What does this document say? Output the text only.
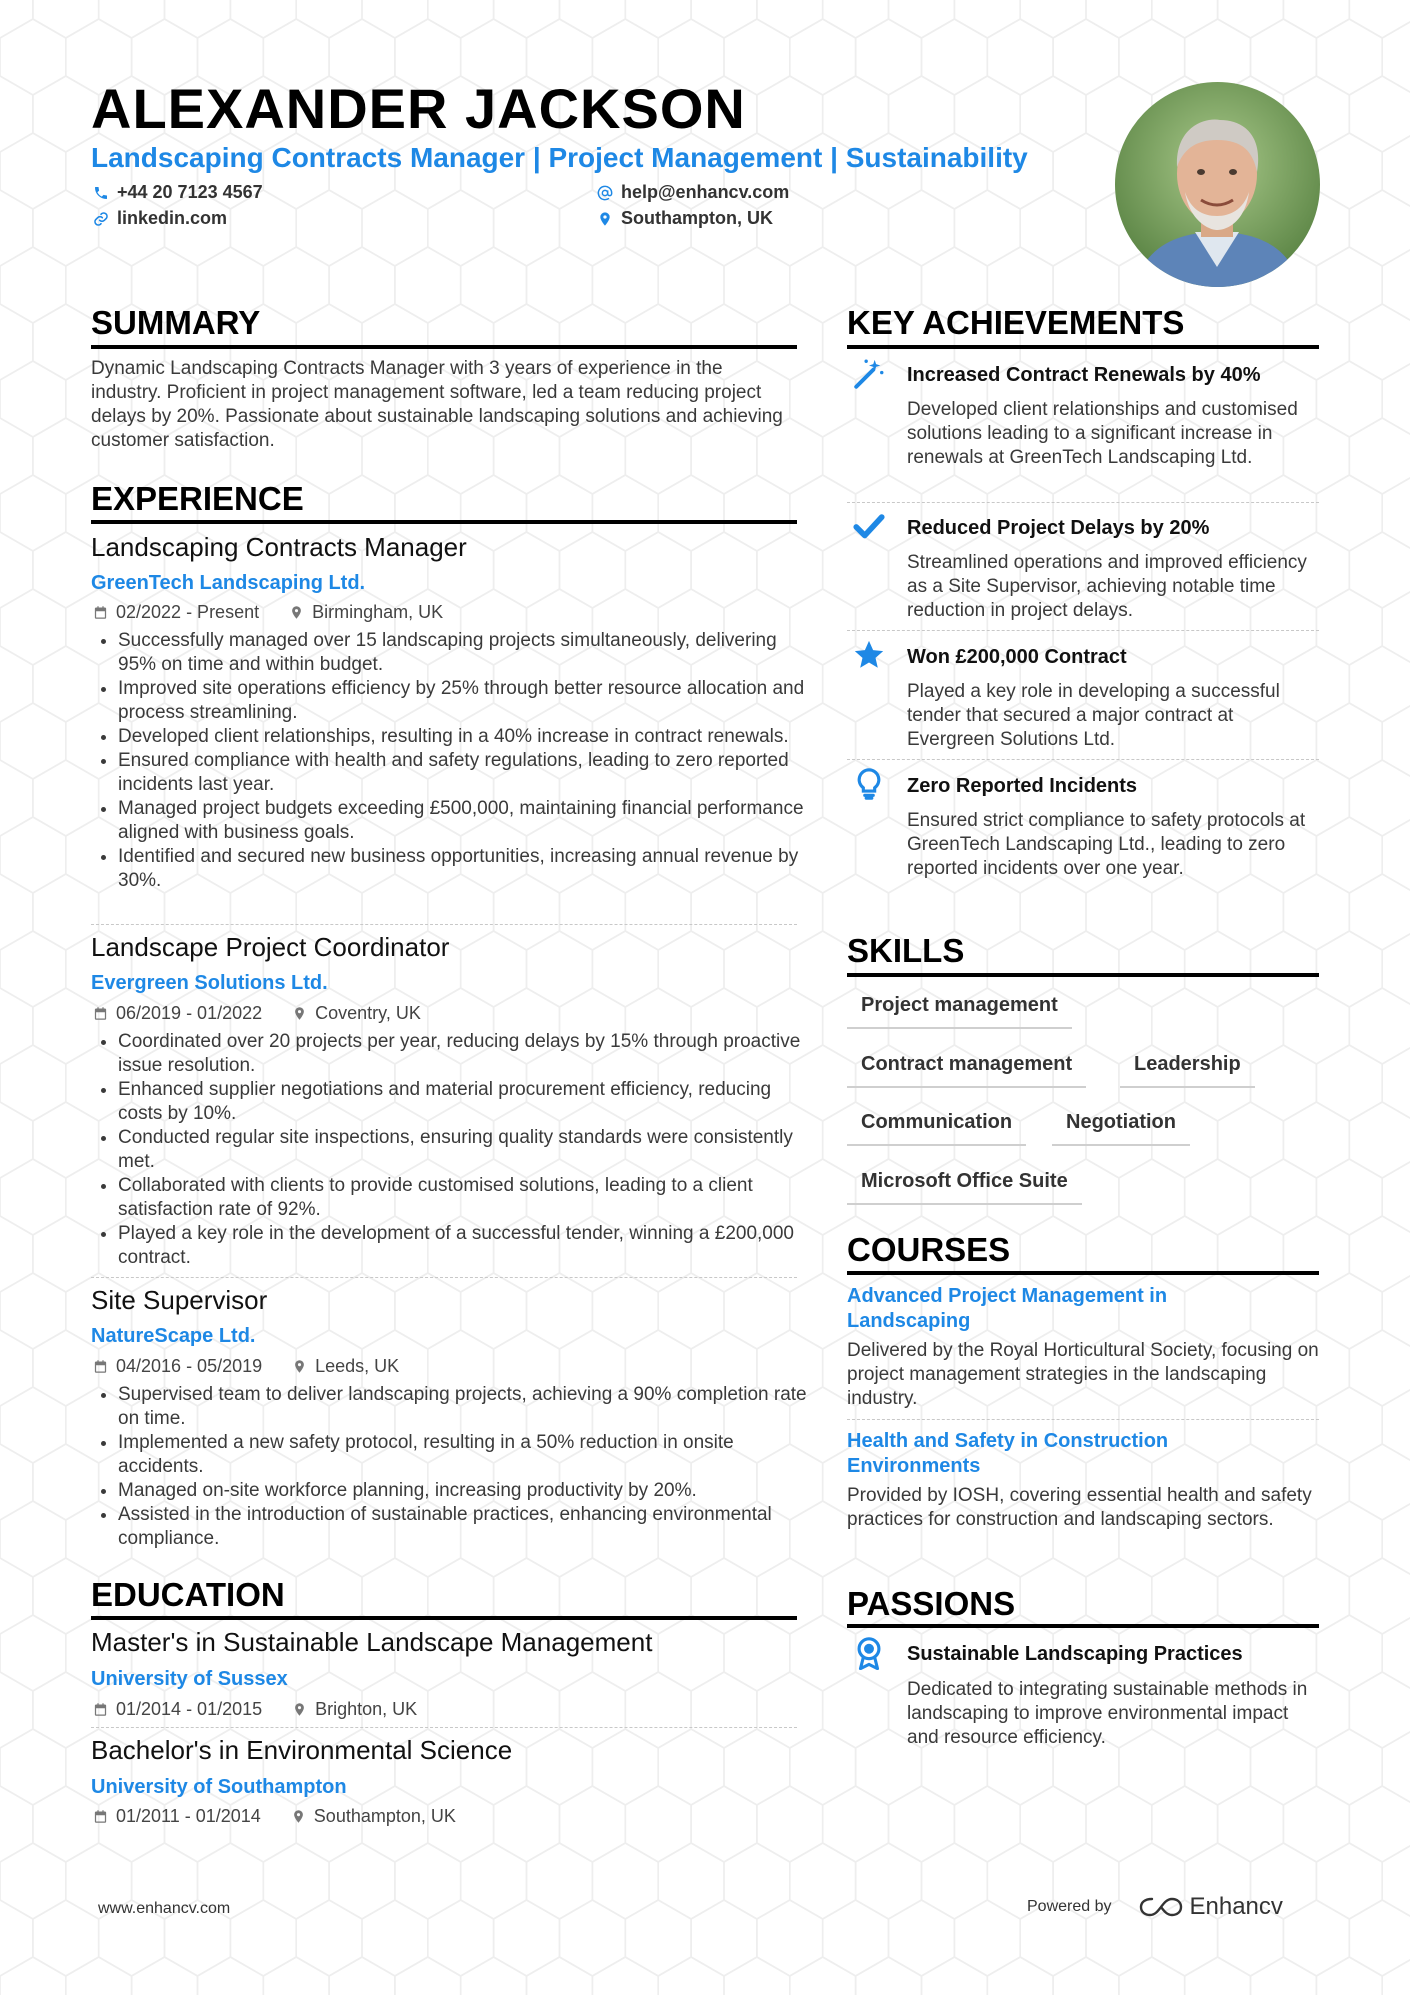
ALEXANDER JACKSON
Landscaping Contracts Manager | Project Management | Sustainability
+44 20 7123 4567	help@enhancv.com
linkedin.com	Southampton, UK
SUMMARY

Dynamic Landscaping Contracts Manager with 3 years of experience in the industry. Proficient in project management software, led a team reducing project delays by 20%. Passionate about sustainable landscaping solutions and achieving customer satisfaction.

EXPERIENCE
Landscaping Contracts Manager
GreenTech Landscaping Ltd.
02/2022 - Present	Birmingham, UK
• Successfully managed over 15 landscaping projects simultaneously, delivering 95% on time and within budget.
• Improved site operations efficiency by 25% through better resource allocation and process streamlining.
• Developed client relationships, resulting in a 40% increase in contract renewals.
• Ensured compliance with health and safety regulations, leading to zero reported incidents last year.
• Managed project budgets exceeding £500,000, maintaining financial performance aligned with business goals.
• Identified and secured new business opportunities, increasing annual revenue by 30%.
Landscape Project Coordinator
Evergreen Solutions Ltd.
06/2019 - 01/2022	Coventry, UK
• Coordinated over 20 projects per year, reducing delays by 15% through proactive issue resolution.
• Enhanced supplier negotiations and material procurement efficiency, reducing costs by 10%.
• Conducted regular site inspections, ensuring quality standards were consistently met.
• Collaborated with clients to provide customised solutions, leading to a client satisfaction rate of 92%.
• Played a key role in the development of a successful tender, winning a £200,000 contract.
Site Supervisor
NatureScape Ltd.
04/2016 - 05/2019	Leeds, UK
• Supervised team to deliver landscaping projects, achieving a 90% completion rate on time.
• Implemented a new safety protocol, resulting in a 50% reduction in onsite accidents.
• Managed on-site workforce planning, increasing productivity by 20%.
• Assisted in the introduction of sustainable practices, enhancing environmental compliance.
EDUCATION
Master's in Sustainable Landscape Management
University of Sussex
01/2014 - 01/2015	Brighton, UK
Bachelor's in Environmental Science
University of Southampton
01/2011 - 01/2014	Southampton, UK
KEY ACHIEVEMENTS
Increased Contract Renewals by 40%
Developed client relationships and customised solutions leading to a significant increase in renewals at GreenTech Landscaping Ltd.
Reduced Project Delays by 20%
Streamlined operations and improved efficiency as a Site Supervisor, achieving notable time reduction in project delays.
Won £200,000 Contract
Played a key role in developing a successful tender that secured a major contract at Evergreen Solutions Ltd.
Zero Reported Incidents
Ensured strict compliance to safety protocols at GreenTech Landscaping Ltd., leading to zero reported incidents over one year.
SKILLS
Project management
Contract management	Leadership
Communication	Negotiation
Microsoft Office Suite
COURSES
Advanced Project Management in Landscaping
Delivered by the Royal Horticultural Society, focusing on project management strategies in the landscaping industry.
Health and Safety in Construction Environments
Provided by IOSH, covering essential health and safety practices for construction and landscaping sectors.
PASSIONS
Sustainable Landscaping Practices
Dedicated to integrating sustainable methods in landscaping to improve environmental impact and resource efficiency.
www.enhancv.com	Powered by	Enhancv
